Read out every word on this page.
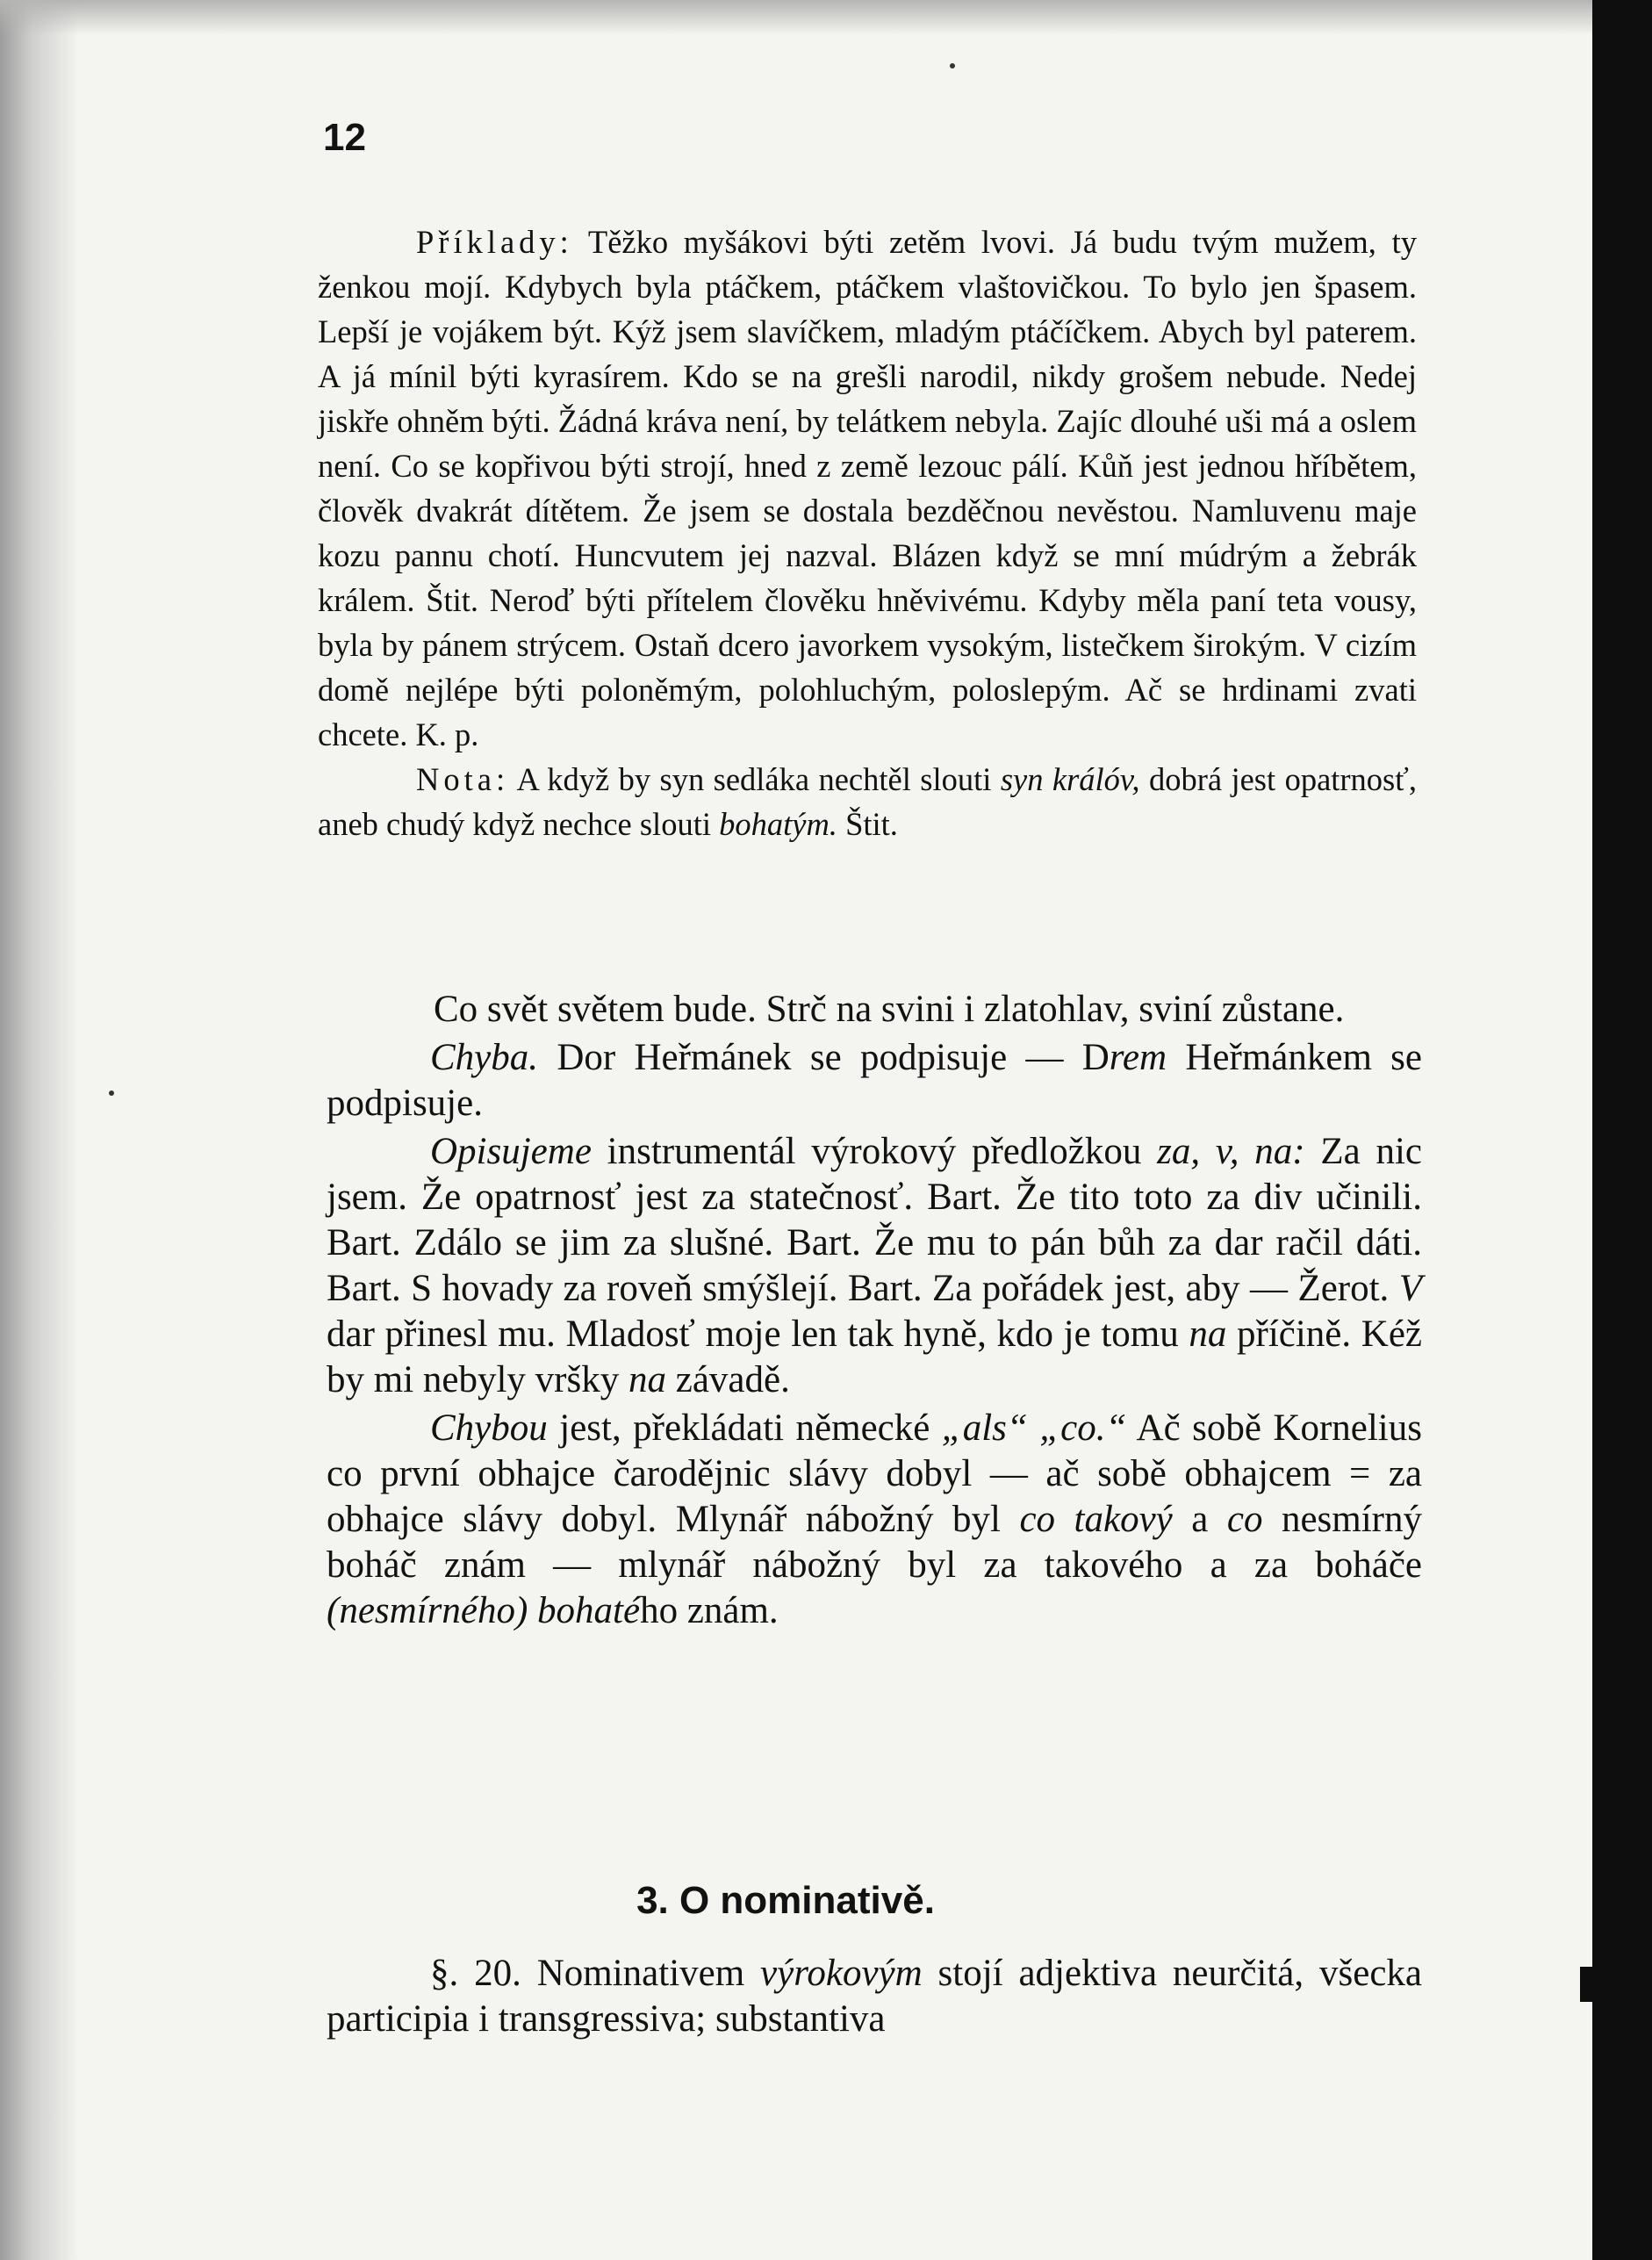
12

Příklady: Těžko myšákovi býti zetěm lvovi. Já budu tvým mužem, ty ženkou mojí. Kdybych byla ptáčkem, ptáčkem vlaštovičkou. To bylo jen špasem. Lepší je vojákem být. Kýž jsem slavíčkem, mladým ptáčíčkem. Abych byl paterem. A já mínil býti kyrasírem. Kdo se na grešli narodil, nikdy grošem nebude. Nedej jiskře ohněm býti. Žádná kráva není, by telátkem nebyla. Zajíc dlouhé uši má a oslem není. Co se kopřivou býti strojí, hned z země lezouc pálí. Kůň jest jednou hříbětem, člověk dvakrát dítětem. Že jsem se dostala bezděčnou nevěstou. Namluvenu maje kozu pannu chotí. Huncvutem jej nazval. Blázen když se mní múdrým a žebrák králem. Štit. Neroď býti přítelem člověku hněvivému. Kdyby měla paní teta vousy, byla by pánem strýcem. Ostaň dcero javorkem vysokým, listečkem širokým. V cizím domě nejlépe býti poloněmým, polohluchým, poloslepým. Ač se hrdinami zvati chcete. K. p.

Nota: A když by syn sedláka nechtěl slouti syn králóv, dobrá jest opatrnosť, aneb chudý když nechce slouti bohatým. Štit.

Co svět světem bude. Strč na svini i zlatohlav, sviní zůstane.

Chyba. Dor Heřmánek se podpisuje — Drem Heřmánkem se podpisuje.

Opisujeme instrumentál výrokový předložkou za, v, na: Za nic jsem. Že opatrnosť jest za statečnosť. Bart. Že tito toto za div učinili. Bart. Zdálo se jim za slušné. Bart. Že mu to pán bůh za dar račil dáti. Bart. S hovady za roveň smýšlejí. Bart. Za pořádek jest, aby — Žerot. V dar přinesl mu. Mladosť moje len tak hyně, kdo je tomu na příčině. Kéž by mi nebyly vršky na závadě.

Chybou jest, překládati německé „als“ „co.“ Ač sobě Kornelius co první obhajce čarodějnic slávy dobyl — ač sobě obhajcem = za obhajce slávy dobyl. Mlynář nábožný byl co takový a co nesmírný boháč znám — mlynář nábožný byl za takového a za boháče (nesmírného) bohatého znám.

3. O nominativě.

§. 20. Nominativem výrokovým stojí adjektiva neurčitá, všecka participia i transgressiva; substantiva
